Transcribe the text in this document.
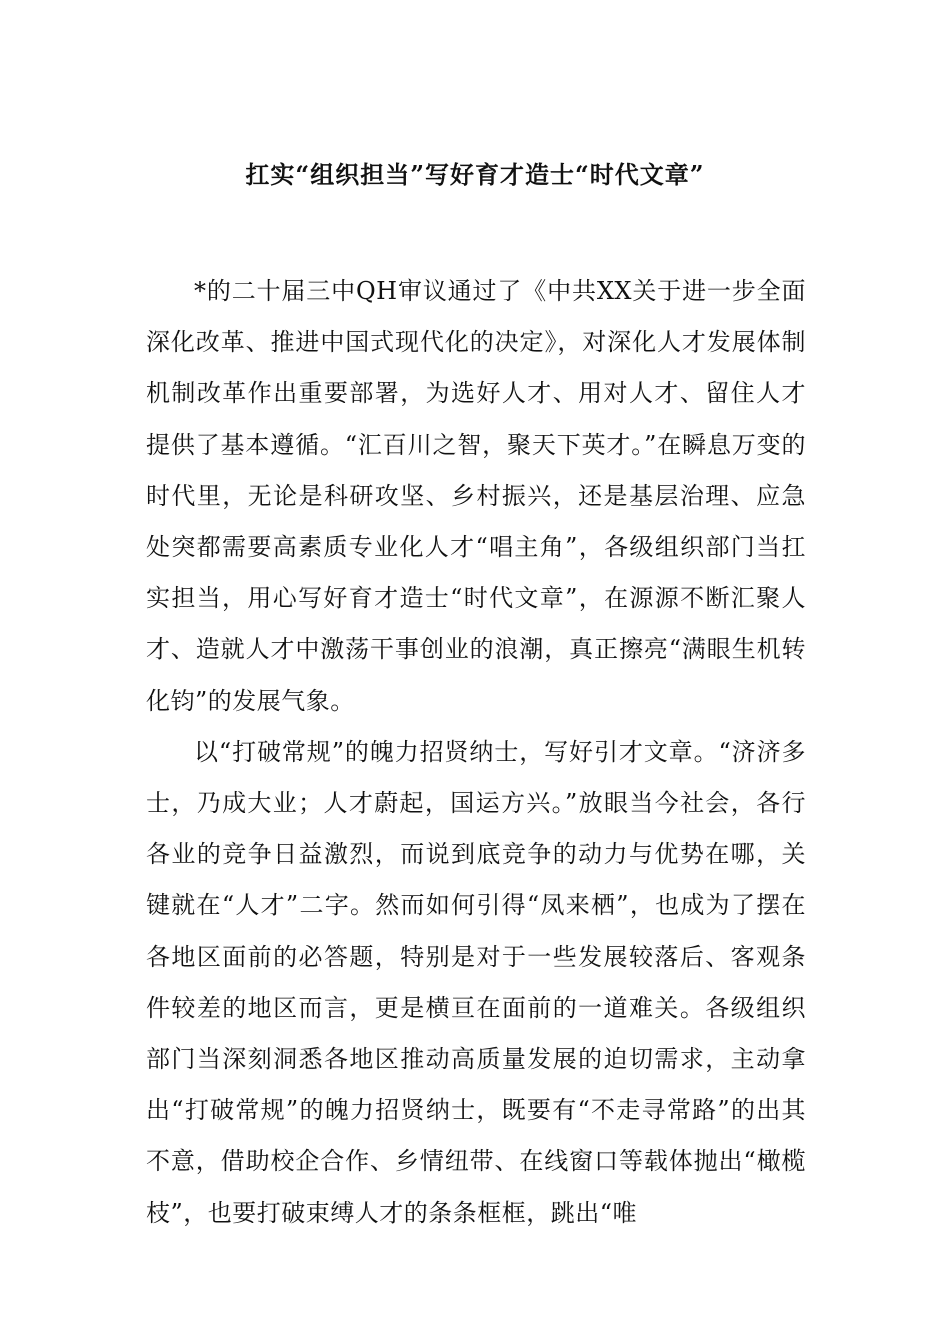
扛实“组织担当”写好育才造士“时代文章”

*的二十届三中QH审议通过了《中共XX关于进一步全面深化改革、推进中国式现代化的决定》，对深化人才发展体制机制改革作出重要部署，为选好人才、用对人才、留住人才提供了基本遵循。“汇百川之智，聚天下英才。”在瞬息万变的时代里，无论是科研攻坚、乡村振兴，还是基层治理、应急处突都需要高素质专业化人才“唱主角”，各级组织部门当扛实担当，用心写好育才造士“时代文章”，在源源不断汇聚人才、造就人才中激荡干事创业的浪潮，真正擦亮“满眼生机转化钧”的发展气象。

以“打破常规”的魄力招贤纳士，写好引才文章。“济济多士，乃成大业；人才蔚起，国运方兴。”放眼当今社会，各行各业的竞争日益激烈，而说到底竞争的动力与优势在哪，关键就在“人才”二字。然而如何引得“凤来栖”，也成为了摆在各地区面前的必答题，特别是对于一些发展较落后、客观条件较差的地区而言，更是横亘在面前的一道难关。各级组织部门当深刻洞悉各地区推动高质量发展的迫切需求，主动拿出“打破常规”的魄力招贤纳士，既要有“不走寻常路”的出其不意，借助校企合作、乡情纽带、在线窗口等载体抛出“橄榄枝”，也要打破束缚人才的条条框框，跳出“唯
